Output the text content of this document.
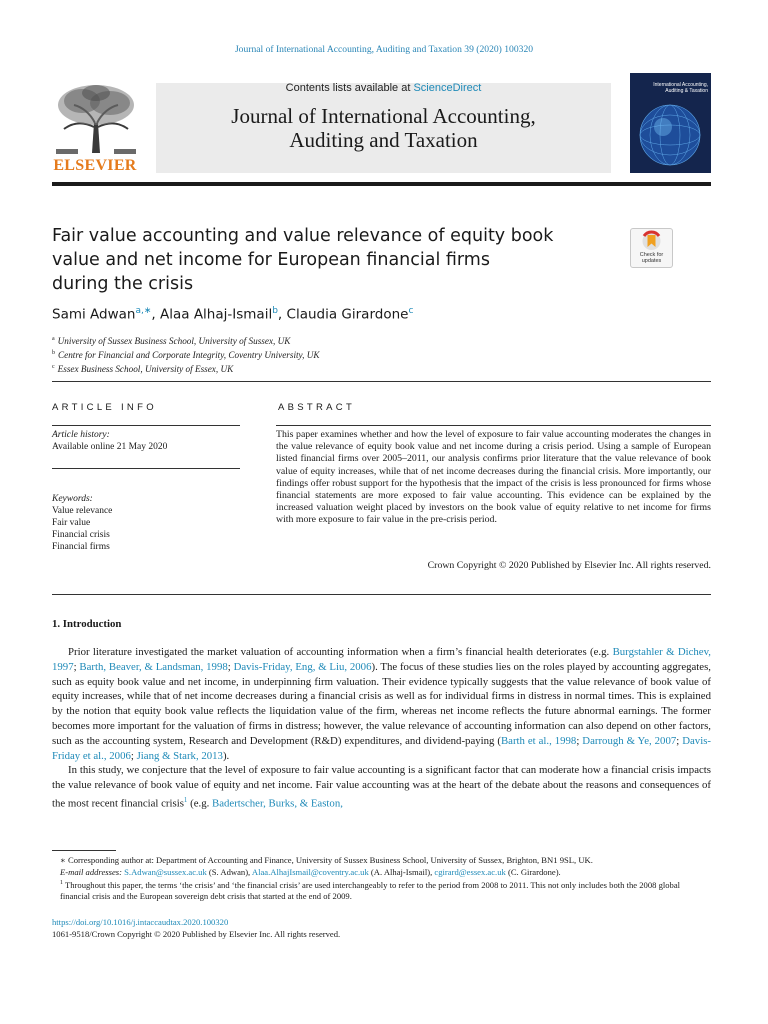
Journal of International Accounting, Auditing and Taxation 39 (2020) 100320
ELSEVIER
Contents lists available at ScienceDirect
Journal of International Accounting,
Auditing and Taxation
International Accounting, Auditing & Taxation
Fair value accounting and value relevance of equity book
value and net income for European financial firms
during the crisis
Check for
updates
Sami Adwan$^{a,∗}$, Alaa Alhaj-Ismail$^b$, Claudia Girardone$^c$
$^a$ University of Sussex Business School, University of Sussex, UK
$^b$ Centre for Financial and Corporate Integrity, Coventry University, UK
$^c$ Essex Business School, University of Essex, UK
ARTICLE INFO
Article history:
Available online 21 May 2020
Keywords:
Value relevance
Fair value
Financial crisis
Financial firms
ABSTRACT
This paper examines whether and how the level of exposure to fair value accounting moderates the changes in the value relevance of equity book value and net income during a crisis period. Using a sample of European listed financial firms over 2005–2011, our analysis confirms prior literature that the value relevance of book value of equity increases, while that of net income decreases during the financial crisis. More importantly, our findings offer robust support for the hypothesis that the impact of the crisis is less pronounced for firms whose financial statements are more exposed to fair value accounting. This evidence can be explained by the increased valuation weight placed by investors on the book value of equity relative to net income for firms with more exposure to fair value in the pre-crisis period.
Crown Copyright © 2020 Published by Elsevier Inc. All rights reserved.
1. Introduction

Prior literature investigated the market valuation of accounting information when a firm’s financial health deteriorates (e.g. Burgstahler & Dichev, 1997; Barth, Beaver, & Landsman, 1998; Davis-Friday, Eng, & Liu, 2006). The focus of these studies lies on the roles played by accounting aggregates, such as equity book value and net income, in underpinning firm valuation. Their evidence typically suggests that the value relevance of book value of equity increases, while that of net income decreases during a financial crisis as well as for individual firms in distress in normal times. This is explained by the notion that equity book value reflects the liquidation value of the firm, whereas net income reflects the future abnormal earnings. The former becomes more important for the valuation of firms in distress; however, the value relevance of accounting information can also depend on other factors, such as the accounting system, Research and Development (R&D) expenditures, and dividend-paying (Barth et al., 1998; Darrough & Ye, 2007; Davis-Friday et al., 2006; Jiang & Stark, 2013).

In this study, we conjecture that the level of exposure to fair value accounting is a significant factor that can moderate how a financial crisis impacts the value relevance of book value of equity and net income. Fair value accounting was at the heart of the debate about the reasons and consequences of the most recent financial crisis$^1$ (e.g. Badertscher, Burks, & Easton,

∗ Corresponding author at: Department of Accounting and Finance, University of Sussex Business School, University of Sussex, Brighton, BN1 9SL, UK.

E-mail addresses: S.Adwan@sussex.ac.uk (S. Adwan), Alaa.AlhajIsmail@coventry.ac.uk (A. Alhaj-Ismail), cgirard@essex.ac.uk (C. Girardone).

$^1$ Throughout this paper, the terms ‘the crisis’ and ‘the financial crisis’ are used interchangeably to refer to the period from 2008 to 2011. This not only includes both the 2008 global financial crisis and the European sovereign debt crisis that started at the end of 2009.

https://doi.org/10.1016/j.intaccaudtax.2020.100320
1061-9518/Crown Copyright © 2020 Published by Elsevier Inc. All rights reserved.
